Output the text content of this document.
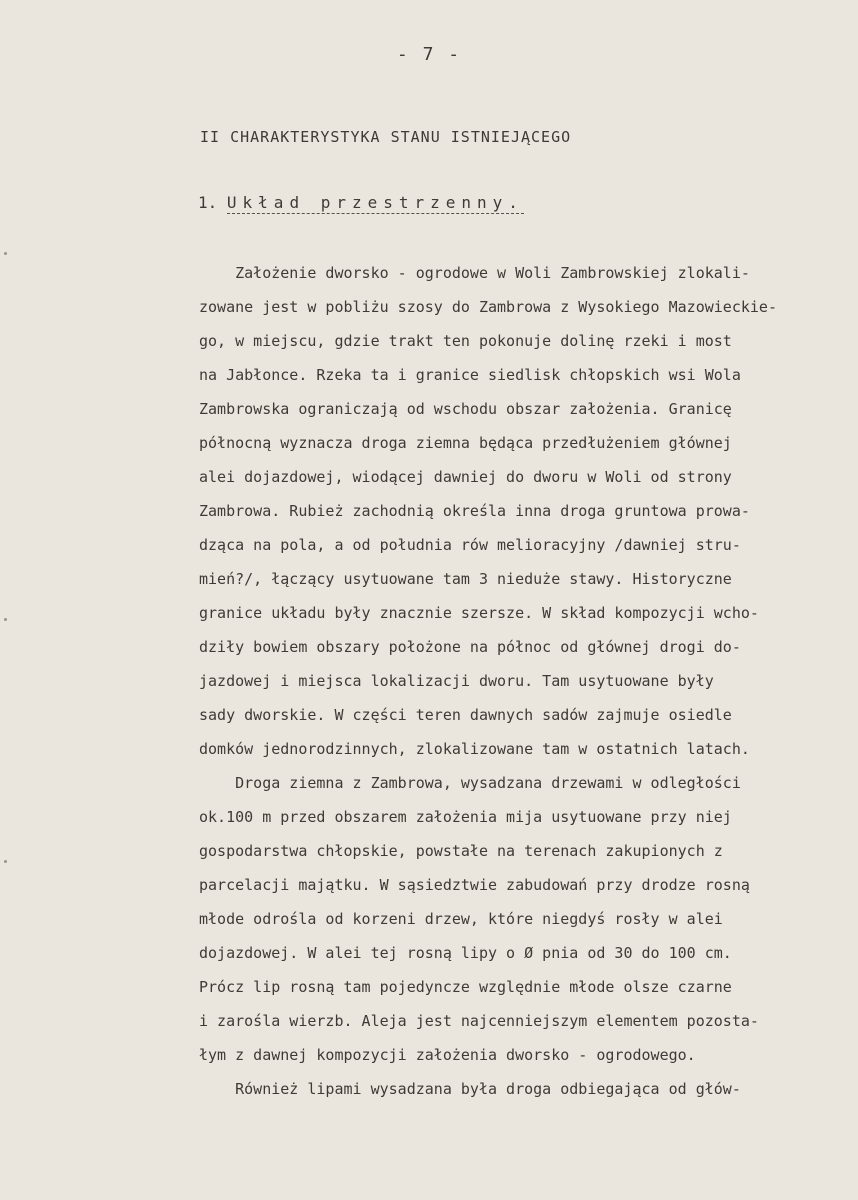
- 7 -
II CHARAKTERYSTYKA STANU ISTNIEJĄCEGO
1. Układ przestrzenny.
Założenie dworsko - ogrodowe w Woli Zambrowskiej zlokali-
zowane jest w pobliżu szosy do Zambrowa z Wysokiego Mazowieckie-
go, w miejscu, gdzie trakt ten pokonuje dolinę rzeki i most
na Jabłonce. Rzeka ta i granice siedlisk chłopskich wsi Wola
Zambrowska ograniczają od wschodu obszar założenia. Granicę
północną wyznacza droga ziemna będąca przedłużeniem głównej
alei dojazdowej, wiodącej dawniej do dworu w Woli od strony
Zambrowa. Rubież zachodnią określa inna droga gruntowa prowa-
dząca na pola, a od południa rów melioracyjny /dawniej stru-
mień?/, łączący usytuowane tam 3 nieduże stawy. Historyczne
granice układu były znacznie szersze. W skład kompozycji wcho-
dziły bowiem obszary położone na północ od głównej drogi do-
jazdowej i miejsca lokalizacji dworu. Tam usytuowane były
sady dworskie. W części teren dawnych sadów zajmuje osiedle
domków jednorodzinnych, zlokalizowane tam w ostatnich latach.
Droga ziemna z Zambrowa, wysadzana drzewami w odległości
ok.100 m przed obszarem założenia mija usytuowane przy niej
gospodarstwa chłopskie, powstałe na terenach zakupionych z
parcelacji majątku. W sąsiedztwie zabudowań przy drodze rosną
młode odrośla od korzeni drzew, które niegdyś rosły w alei
dojazdowej. W alei tej rosną lipy o Ø pnia od 30 do 100 cm.
Prócz lip rosną tam pojedyncze względnie młode olsze czarne
i zarośla wierzb. Aleja jest najcenniejszym elementem pozosta-
łym z dawnej kompozycji założenia dworsko - ogrodowego.
Również lipami wysadzana była droga odbiegająca od głów-
